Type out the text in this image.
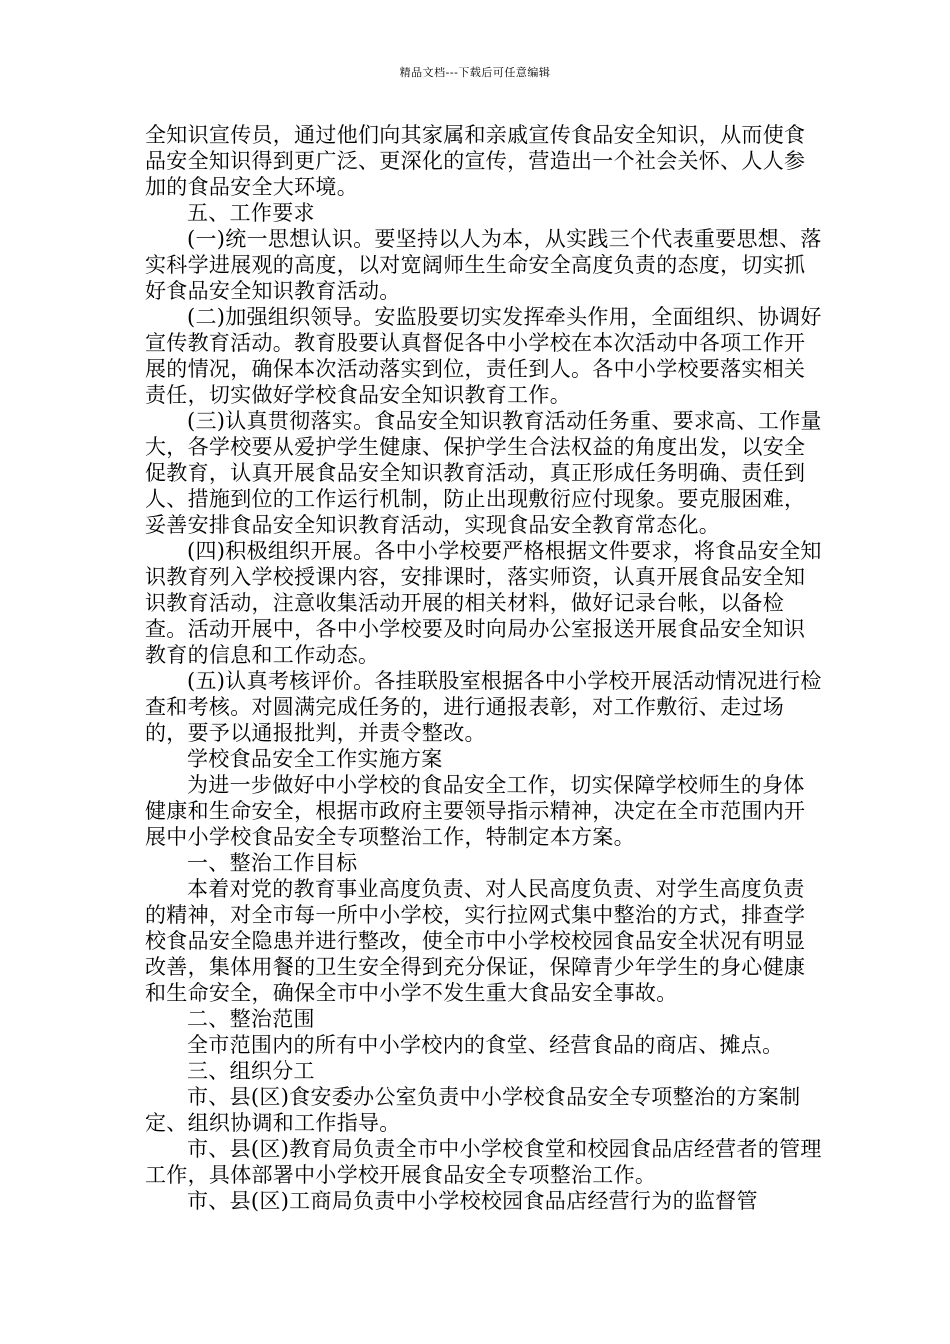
精品文档---下载后可任意编辑

全知识宣传员，通过他们向其家属和亲戚宣传食品安全知识，从而使食品安全知识得到更广泛、更深化的宣传，营造出一个社会关怀、人人参加的食品安全大环境。

五、工作要求

(一)统一思想认识。要坚持以人为本，从实践三个代表重要思想、落实科学进展观的高度，以对宽阔师生生命安全高度负责的态度，切实抓好食品安全知识教育活动。

(二)加强组织领导。安监股要切实发挥牵头作用，全面组织、协调好宣传教育活动。教育股要认真督促各中小学校在本次活动中各项工作开展的情况，确保本次活动落实到位，责任到人。各中小学校要落实相关责任，切实做好学校食品安全知识教育工作。

(三)认真贯彻落实。食品安全知识教育活动任务重、要求高、工作量大，各学校要从爱护学生健康、保护学生合法权益的角度出发，以安全促教育，认真开展食品安全知识教育活动，真正形成任务明确、责任到人、措施到位的工作运行机制，防止出现敷衍应付现象。要克服困难，妥善安排食品安全知识教育活动，实现食品安全教育常态化。

(四)积极组织开展。各中小学校要严格根据文件要求，将食品安全知识教育列入学校授课内容，安排课时，落实师资，认真开展食品安全知识教育活动，注意收集活动开展的相关材料，做好记录台帐，以备检查。活动开展中，各中小学校要及时向局办公室报送开展食品安全知识教育的信息和工作动态。

(五)认真考核评价。各挂联股室根据各中小学校开展活动情况进行检查和考核。对圆满完成任务的，进行通报表彰，对工作敷衍、走过场的，要予以通报批判，并责令整改。

学校食品安全工作实施方案

为进一步做好中小学校的食品安全工作，切实保障学校师生的身体健康和生命安全，根据市政府主要领导指示精神，决定在全市范围内开展中小学校食品安全专项整治工作，特制定本方案。

一、整治工作目标

本着对党的教育事业高度负责、对人民高度负责、对学生高度负责的精神，对全市每一所中小学校，实行拉网式集中整治的方式，排查学校食品安全隐患并进行整改，使全市中小学校校园食品安全状况有明显改善，集体用餐的卫生安全得到充分保证，保障青少年学生的身心健康和生命安全，确保全市中小学不发生重大食品安全事故。

二、整治范围

全市范围内的所有中小学校内的食堂、经营食品的商店、摊点。

三、组织分工

市、县(区)食安委办公室负责中小学校食品安全专项整治的方案制定、组织协调和工作指导。

市、县(区)教育局负责全市中小学校食堂和校园食品店经营者的管理工作，具体部署中小学校开展食品安全专项整治工作。

市、县(区)工商局负责中小学校校园食品店经营行为的监督管
